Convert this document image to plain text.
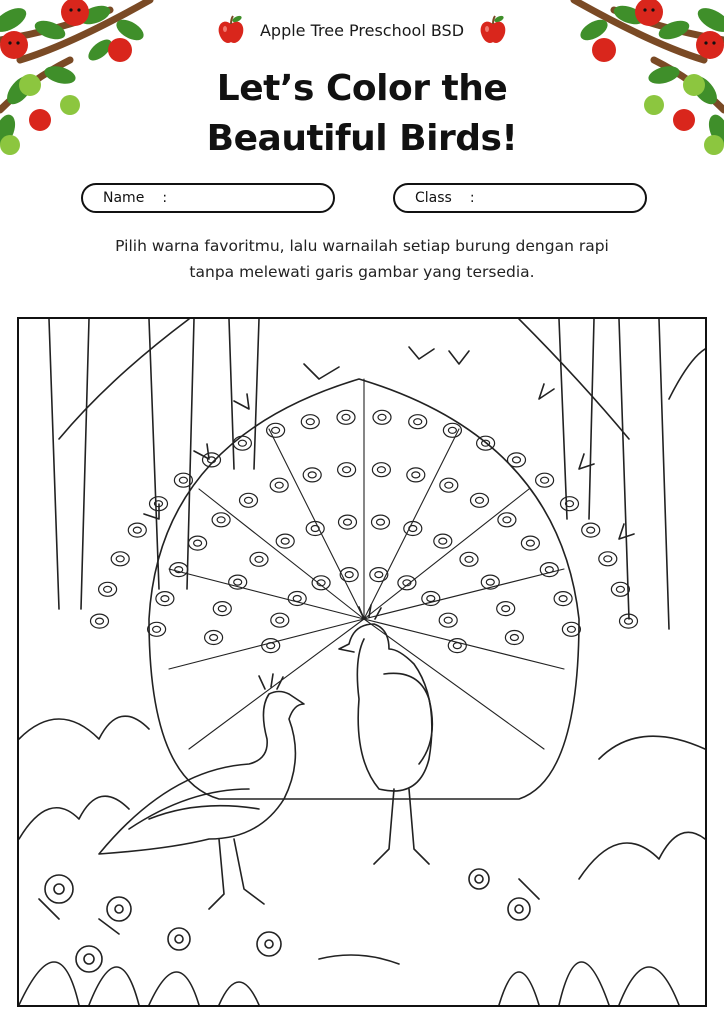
Apple Tree Preschool BSD
Let’s Color the
Beautiful Birds!
Name :	Class :
Pilih warna favoritmu, lalu warnailah setiap burung dengan rapi
tanpa melewati garis gambar yang tersedia.
